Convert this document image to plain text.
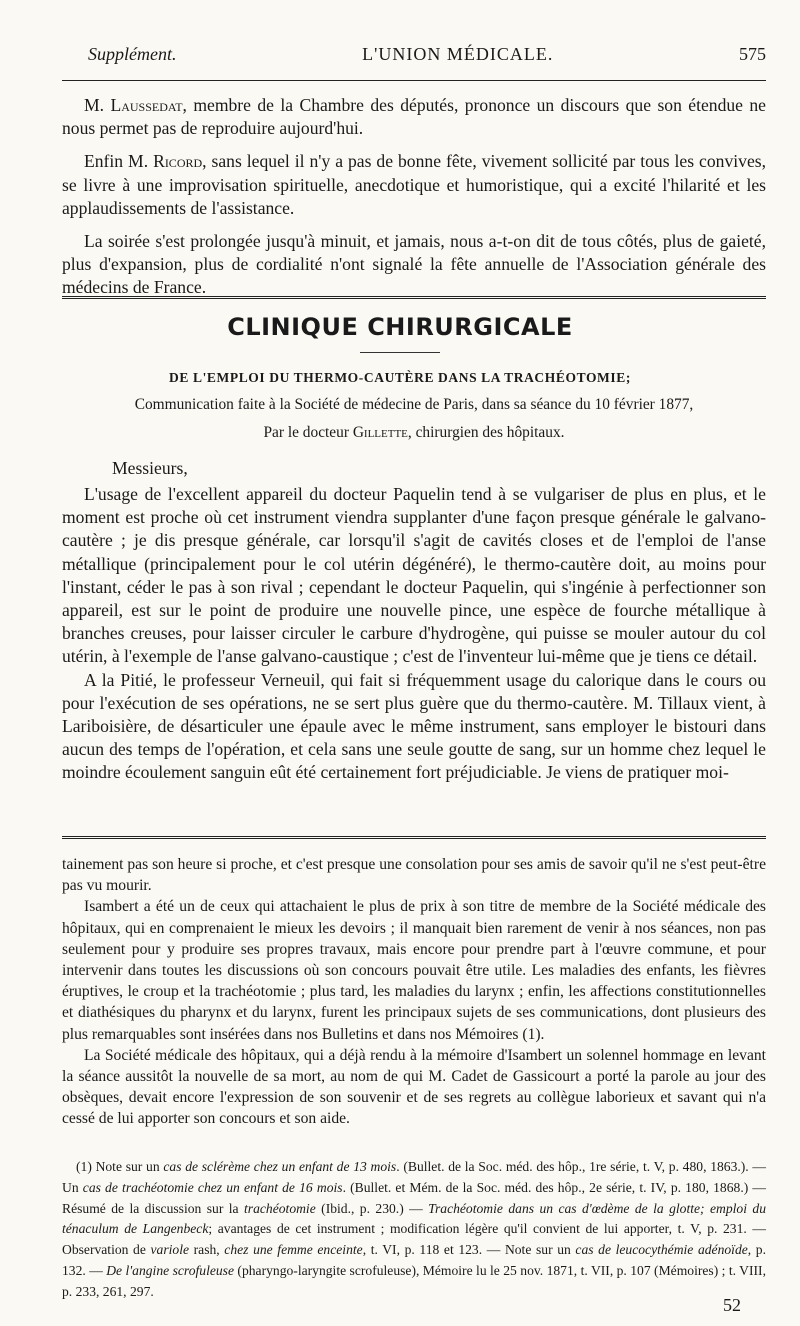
Supplément.	L'UNION MÉDICALE.	575

M. Laussedat, membre de la Chambre des députés, prononce un discours que son étendue ne nous permet pas de reproduire aujourd'hui.

Enfin M. Ricord, sans lequel il n'y a pas de bonne fête, vivement sollicité par tous les convives, se livre à une improvisation spirituelle, anecdotique et humoristique, qui a excité l'hilarité et les applaudissements de l'assistance.

La soirée s'est prolongée jusqu'à minuit, et jamais, nous a-t-on dit de tous côtés, plus de gaieté, plus d'expansion, plus de cordialité n'ont signalé la fête annuelle de l'Association générale des médecins de France.

CLINIQUE CHIRURGICALE
DE L'EMPLOI DU THERMO-CAUTÈRE DANS LA TRACHÉOTOMIE;
Communication faite à la Société de médecine de Paris, dans sa séance du 10 février 1877,
Par le docteur Gillette, chirurgien des hôpitaux.
Messieurs,

L'usage de l'excellent appareil du docteur Paquelin tend à se vulgariser de plus en plus, et le moment est proche où cet instrument viendra supplanter d'une façon presque générale le galvano-cautère ; je dis presque générale, car lorsqu'il s'agit de cavités closes et de l'emploi de l'anse métallique (principalement pour le col utérin dégénéré), le thermo-cautère doit, au moins pour l'instant, céder le pas à son rival ; cependant le docteur Paquelin, qui s'ingénie à perfectionner son appareil, est sur le point de produire une nouvelle pince, une espèce de fourche métallique à branches creuses, pour laisser circuler le carbure d'hydrogène, qui puisse se mouler autour du col utérin, à l'exemple de l'anse galvano-caustique ; c'est de l'inventeur lui-même que je tiens ce détail.

A la Pitié, le professeur Verneuil, qui fait si fréquemment usage du calorique dans le cours ou pour l'exécution de ses opérations, ne se sert plus guère que du thermo-cautère. M. Tillaux vient, à Lariboisière, de désarticuler une épaule avec le même instrument, sans employer le bistouri dans aucun des temps de l'opération, et cela sans une seule goutte de sang, sur un homme chez lequel le moindre écoulement sanguin eût été certainement fort préjudiciable. Je viens de pratiquer moi-

tainement pas son heure si proche, et c'est presque une consolation pour ses amis de savoir qu'il ne s'est peut-être pas vu mourir.

Isambert a été un de ceux qui attachaient le plus de prix à son titre de membre de la Société médicale des hôpitaux, qui en comprenaient le mieux les devoirs ; il manquait bien rarement de venir à nos séances, non pas seulement pour y produire ses propres travaux, mais encore pour prendre part à l'œuvre commune, et pour intervenir dans toutes les discussions où son concours pouvait être utile. Les maladies des enfants, les fièvres éruptives, le croup et la trachéotomie ; plus tard, les maladies du larynx ; enfin, les affections constitutionnelles et diathésiques du pharynx et du larynx, furent les principaux sujets de ses communications, dont plusieurs des plus remarquables sont insérées dans nos Bulletins et dans nos Mémoires (1).

La Société médicale des hôpitaux, qui a déjà rendu à la mémoire d'Isambert un solennel hommage en levant la séance aussitôt la nouvelle de sa mort, au nom de qui M. Cadet de Gassicourt a porté la parole au jour des obsèques, devait encore l'expression de son souvenir et de ses regrets au collègue laborieux et savant qui n'a cessé de lui apporter son concours et son aide.

(1) Note sur un cas de sclérème chez un enfant de 13 mois. (Bullet. de la Soc. méd. des hôp., 1re série, t. V, p. 480, 1863.). — Un cas de trachéotomie chez un enfant de 16 mois. (Bullet. et Mém. de la Soc. méd. des hôp., 2e série, t. IV, p. 180, 1868.) — Résumé de la discussion sur la trachéotomie (Ibid., p. 230.) — Trachéotomie dans un cas d'œdème de la glotte; emploi du ténaculum de Langenbeck; avantages de cet instrument ; modification légère qu'il convient de lui apporter, t. V, p. 231. — Observation de variole rash, chez une femme enceinte, t. VI, p. 118 et 123. — Note sur un cas de leucocythémie adénoïde, p. 132. — De l'angine scrofuleuse (pharyngo-laryngite scrofuleuse), Mémoire lu le 25 nov. 1871, t. VII, p. 107 (Mémoires) ; t. VIII, p. 233, 261, 297.
52
